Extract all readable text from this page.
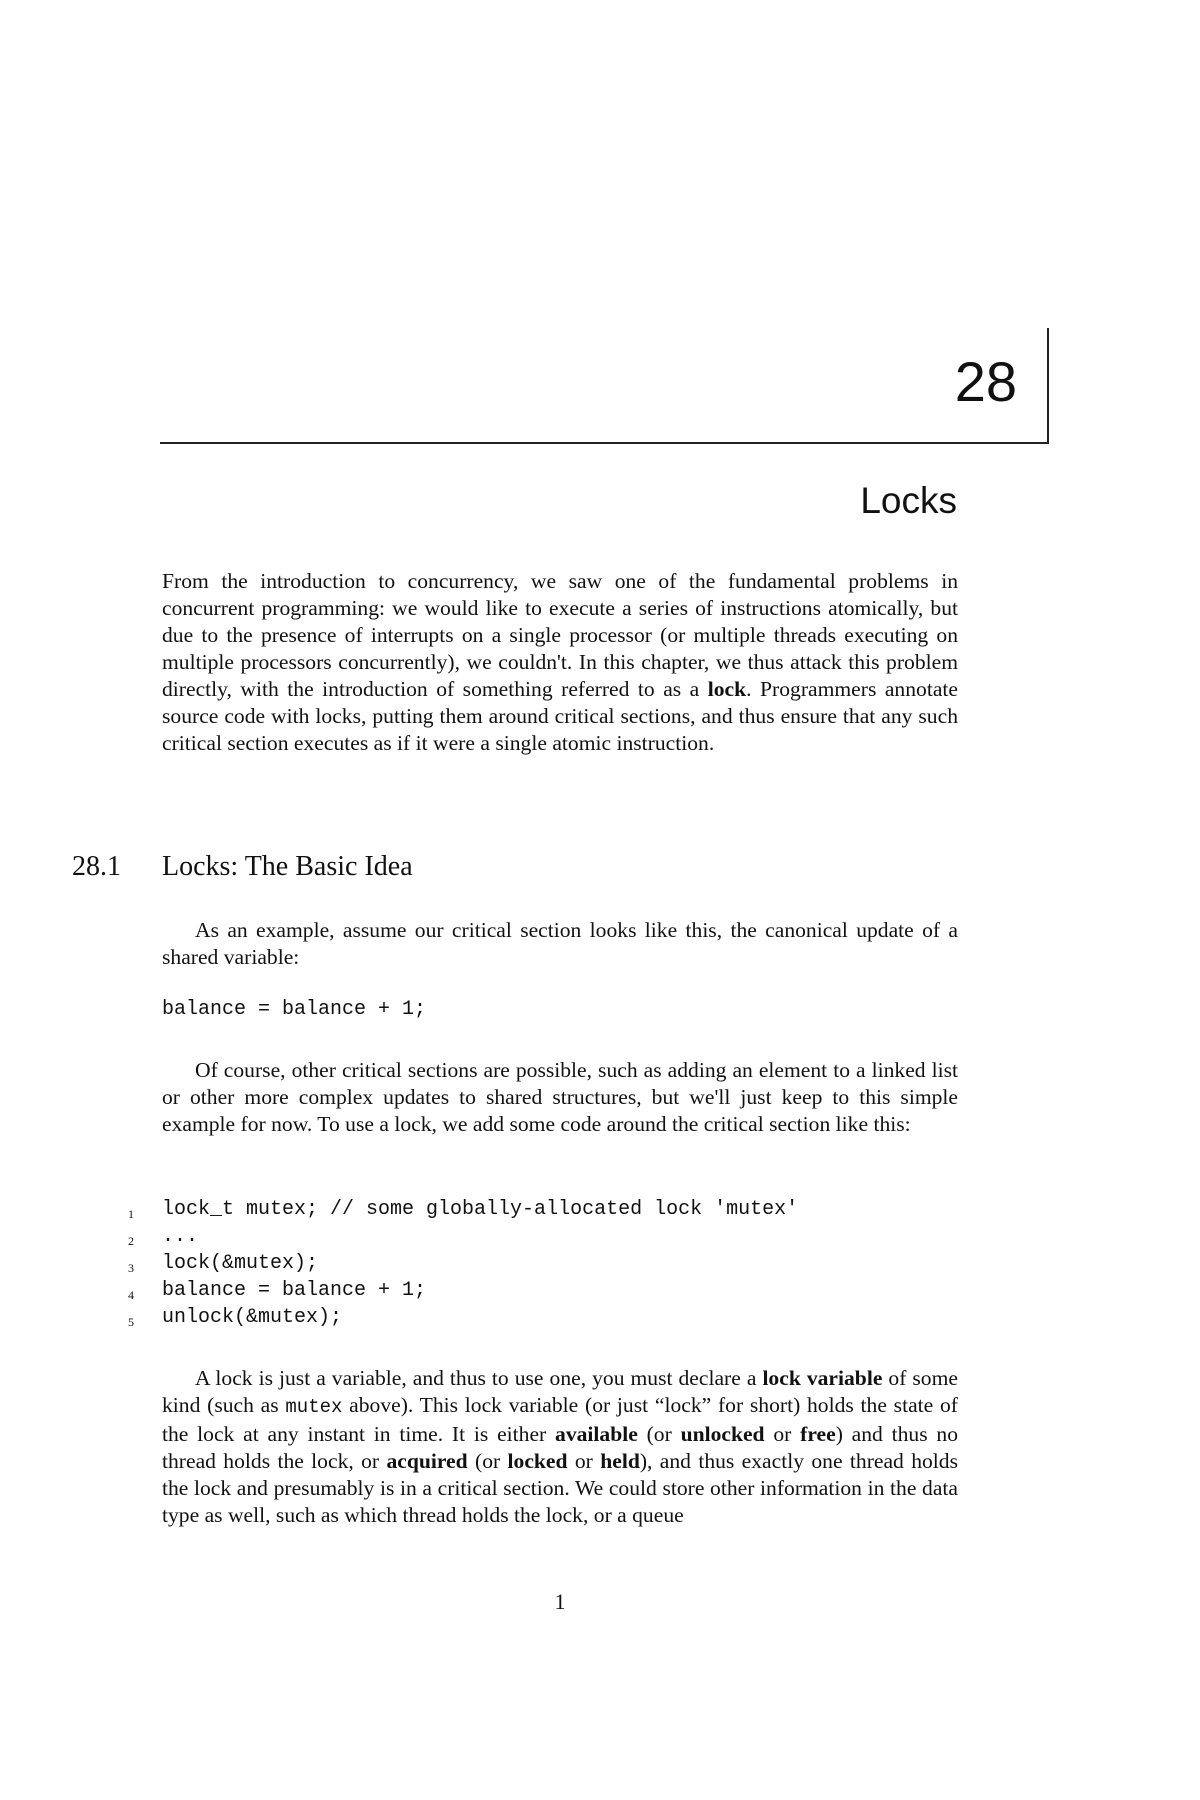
28
Locks

From the introduction to concurrency, we saw one of the fundamental problems in concurrent programming: we would like to execute a series of instructions atomically, but due to the presence of interrupts on a single processor (or multiple threads executing on multiple processors concurrently), we couldn't. In this chapter, we thus attack this problem directly, with the introduction of something referred to as a lock. Programmers annotate source code with locks, putting them around critical sections, and thus ensure that any such critical section executes as if it were a single atomic instruction.

28.1 Locks: The Basic Idea

As an example, assume our critical section looks like this, the canonical update of a shared variable:

balance = balance + 1;

Of course, other critical sections are possible, such as adding an element to a linked list or other more complex updates to shared structures, but we'll just keep to this simple example for now. To use a lock, we add some code around the critical section like this:

1 lock_t mutex; // some globally-allocated lock 'mutex'
2 ...
3 lock(&mutex);
4 balance = balance + 1;
5 unlock(&mutex);

A lock is just a variable, and thus to use one, you must declare a lock variable of some kind (such as mutex above). This lock variable (or just “lock” for short) holds the state of the lock at any instant in time. It is either available (or unlocked or free) and thus no thread holds the lock, or acquired (or locked or held), and thus exactly one thread holds the lock and presumably is in a critical section. We could store other information in the data type as well, such as which thread holds the lock, or a queue

1
